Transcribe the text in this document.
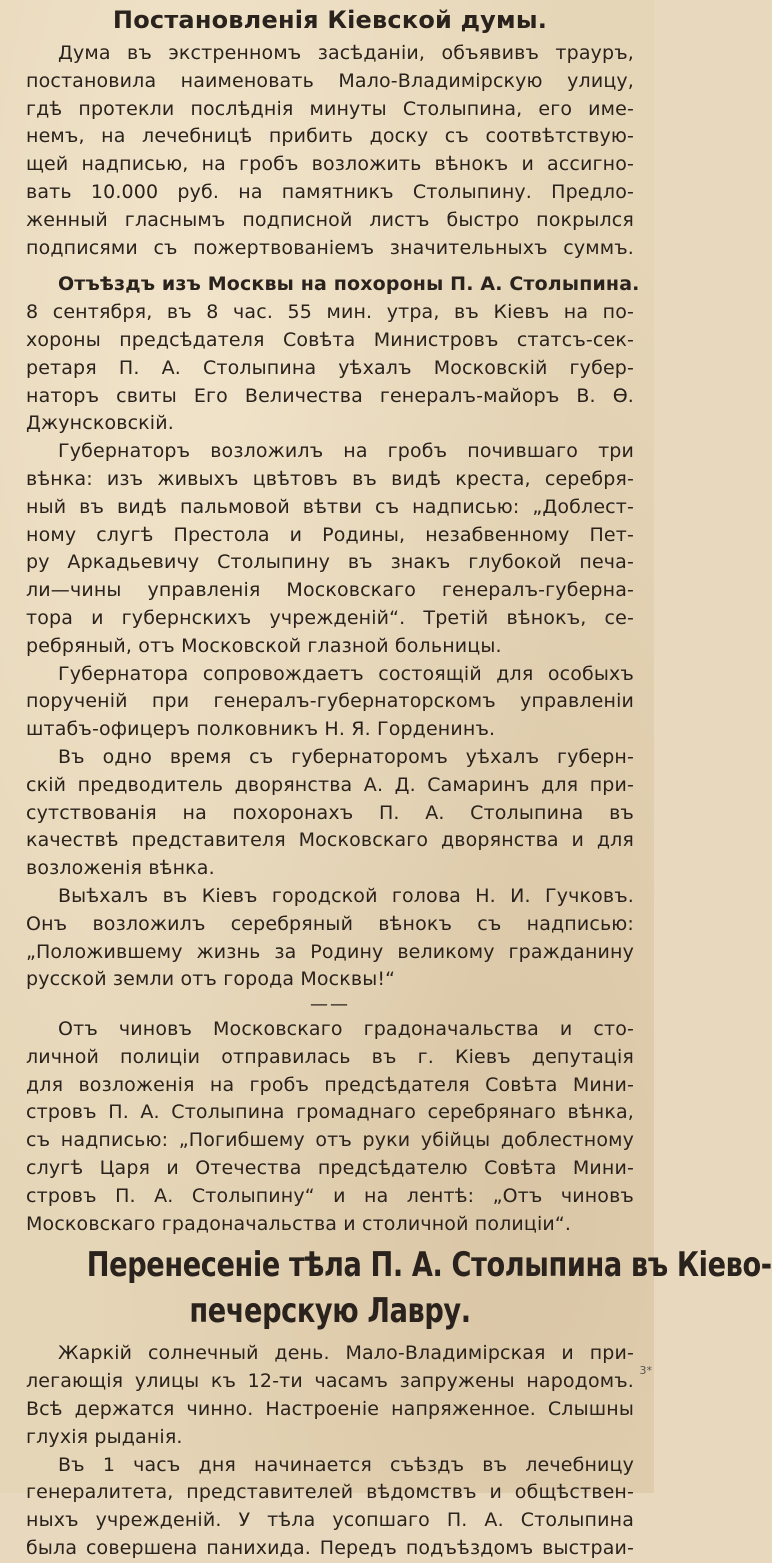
Постановленія Кіевской думы.
Дума въ экстренномъ засѣданіи, объявивъ трауръ,
постановила наименовать Мало-Владимірскую улицу,
гдѣ протекли послѣднія минуты Столыпина, его име-
немъ, на лечебницѣ прибить доску съ соотвѣтствую-
щей надписью, на гробъ возложить вѣнокъ и ассигно-
вать 10.000 руб. на памятникъ Столыпину. Предло-
женный гласнымъ подписной листъ быстро покрылся
подписями съ пожертвованіемъ значительныхъ суммъ.
Отъѣздъ изъ Москвы на похороны П. А. Столыпина.
8 сентября, въ 8 час. 55 мин. утра, въ Кіевъ на по-
хороны предсѣдателя Совѣта Министровъ статсъ-сек-
ретаря П. А. Столыпина уѣхалъ Московскій губер-
наторъ свиты Его Величества генералъ-майоръ В. Ѳ.
Джунсковскій.
Губернаторъ возложилъ на гробъ почившаго три
вѣнка: изъ живыхъ цвѣтовъ въ видѣ креста, серебря-
ный въ видѣ пальмовой вѣтви съ надписью: „Доблест-
ному слугѣ Престола и Родины, незабвенному Пет-
ру Аркадьевичу Столыпину въ знакъ глубокой печа-
ли—чины управленія Московскаго генералъ-губерна-
тора и губернскихъ учрежденій“. Третій вѣнокъ, се-
ребряный, отъ Московской глазной больницы.
Губернатора сопровождаетъ состоящій для особыхъ
порученій при генералъ-губернаторскомъ управленіи
штабъ-офицеръ полковникъ Н. Я. Горденинъ.
Въ одно время съ губернаторомъ уѣхалъ губерн-
скій предводитель дворянства А. Д. Самаринъ для при-
сутствованія на похоронахъ П. А. Столыпина въ
качествѣ представителя Московскаго дворянства и для
возложенія вѣнка.
Выѣхалъ въ Кіевъ городской голова Н. И. Гучковъ.
Онъ возложилъ серебряный вѣнокъ съ надписью:
„Положившему жизнь за Родину великому гражданину
русской земли отъ города Москвы!“
——
Отъ чиновъ Московскаго градоначальства и сто-
личной полиціи отправилась въ г. Кіевъ депутація
для возложенія на гробъ предсѣдателя Совѣта Мини-
стровъ П. А. Столыпина громаднаго серебрянаго вѣнка,
съ надписью: „Погибшему отъ руки убійцы доблестному
слугѣ Царя и Отечества предсѣдателю Совѣта Мини-
стровъ П. А. Столыпину“ и на лентѣ: „Отъ чиновъ
Московскаго градоначальства и столичной полиціи“.
Перенесеніе тѣла П. А. Столыпина въ Кіево-
печерскую Лавру.
Жаркій солнечный день. Мало-Владимірская и при-
легающія улицы къ 12-ти часамъ запружены народомъ.
Всѣ держатся чинно. Настроеніе напряженное. Слышны
глухія рыданія.
Въ 1 часъ дня начинается съѣздъ въ лечебницу
генералитета, представителей вѣдомствъ и общѣствен-
ныхъ учрежденій. У тѣла усопшаго П. А. Столыпина
была совершена панихида. Передъ подъѣздомъ выстраи-
3*
